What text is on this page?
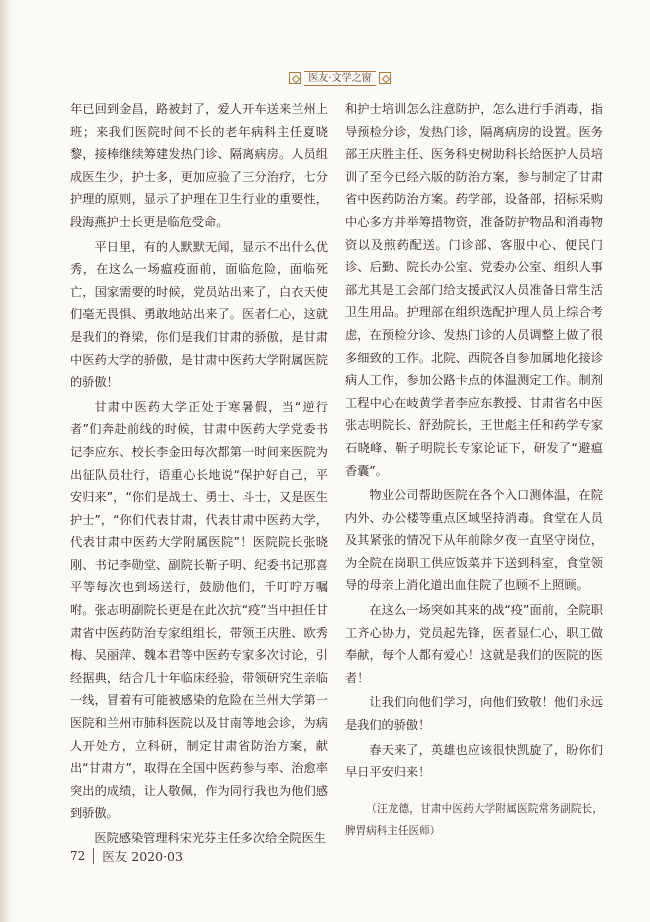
医友·文学之窗

年已回到金昌，路被封了，爱人开车送来兰州上班；来我们医院时间不长的老年病科主任夏晓黎，接棒继续筹建发热门诊、隔离病房。人员组成医生少，护士多，更加应验了三分治疗，七分护理的原则，显示了护理在卫生行业的重要性，段海燕护士长更是临危受命。

平日里，有的人默默无闻，显示不出什么优秀，在这么一场瘟疫面前，面临危险，面临死亡，国家需要的时候，党员站出来了，白衣天使们毫无畏惧、勇敢地站出来了。医者仁心，这就是我们的脊梁，你们是我们甘肃的骄傲，是甘肃中医药大学的骄傲，是甘肃中医药大学附属医院的骄傲！

甘肃中医药大学正处于寒暑假，当“逆行者”们奔赴前线的时候，甘肃中医药大学党委书记李应东、校长李金田每次都第一时间来医院为出征队员壮行，语重心长地说“保护好自己，平安归来”，“你们是战士、勇士、斗士，又是医生护士”，“你们代表甘肃，代表甘肃中医药大学，代表甘肃中医药大学附属医院”！医院院长张晓刚、书记李勋堂、副院长靳子明、纪委书记那喜平等每次也到场送行，鼓励他们，千叮咛万嘱咐。张志明副院长更是在此次抗“疫”当中担任甘肃省中医药防治专家组组长，带领王庆胜、欧秀梅、吴丽萍、魏本君等中医药专家多次讨论，引经据典，结合几十年临床经验，带领研究生亲临一线，冒着有可能被感染的危险在兰州大学第一医院和兰州市肺科医院以及甘南等地会诊，为病人开处方，立科研，制定甘肃省防治方案，献出“甘肃方”，取得在全国中医药参与率、治愈率突出的成绩，让人敬佩，作为同行我也为他们感到骄傲。

医院感染管理科宋光芬主任多次给全院医生

和护士培训怎么注意防护，怎么进行手消毒，指导预检分诊，发热门诊，隔离病房的设置。医务部王庆胜主任、医务科史树助科长给医护人员培训了至今已经六版的防治方案，参与制定了甘肃省中医药防治方案。药学部，设备部，招标采购中心多方并举筹措物资，准备防护物品和消毒物资以及煎药配送。门诊部、客服中心、便民门诊、后勤、院长办公室、党委办公室、组织人事部尤其是工会部门给支援武汉人员准备日常生活卫生用品。护理部在组织选配护理人员上综合考虑，在预检分诊、发热门诊的人员调整上做了很多细致的工作。北院、西院各自参加属地化接诊病人工作，参加公路卡点的体温测定工作。制剂工程中心在岐黄学者李应东教授、甘肃省名中医张志明院长、舒劲院长，王世彪主任和药学专家石晓峰、靳子明院长专家论证下，研发了“避瘟香囊”。

物业公司帮助医院在各个入口测体温，在院内外、办公楼等重点区域坚持消毒。食堂在人员及其紧张的情况下从年前除夕夜一直坚守岗位，为全院在岗职工供应饭菜并下送到科室，食堂领导的母亲上消化道出血住院了也顾不上照顾。

在这么一场突如其来的战“疫”面前，全院职工齐心协力，党员起先锋，医者显仁心，职工做奉献，每个人都有爱心！这就是我们的医院的医者！

让我们向他们学习，向他们致敬！他们永远是我们的骄傲！

春天来了，英雄也应该很快凯旋了，盼你们早日平安归来！

（汪龙德，甘肃中医药大学附属医院常务副院长，脾胃病科主任医师）
72 医友 2020·03
